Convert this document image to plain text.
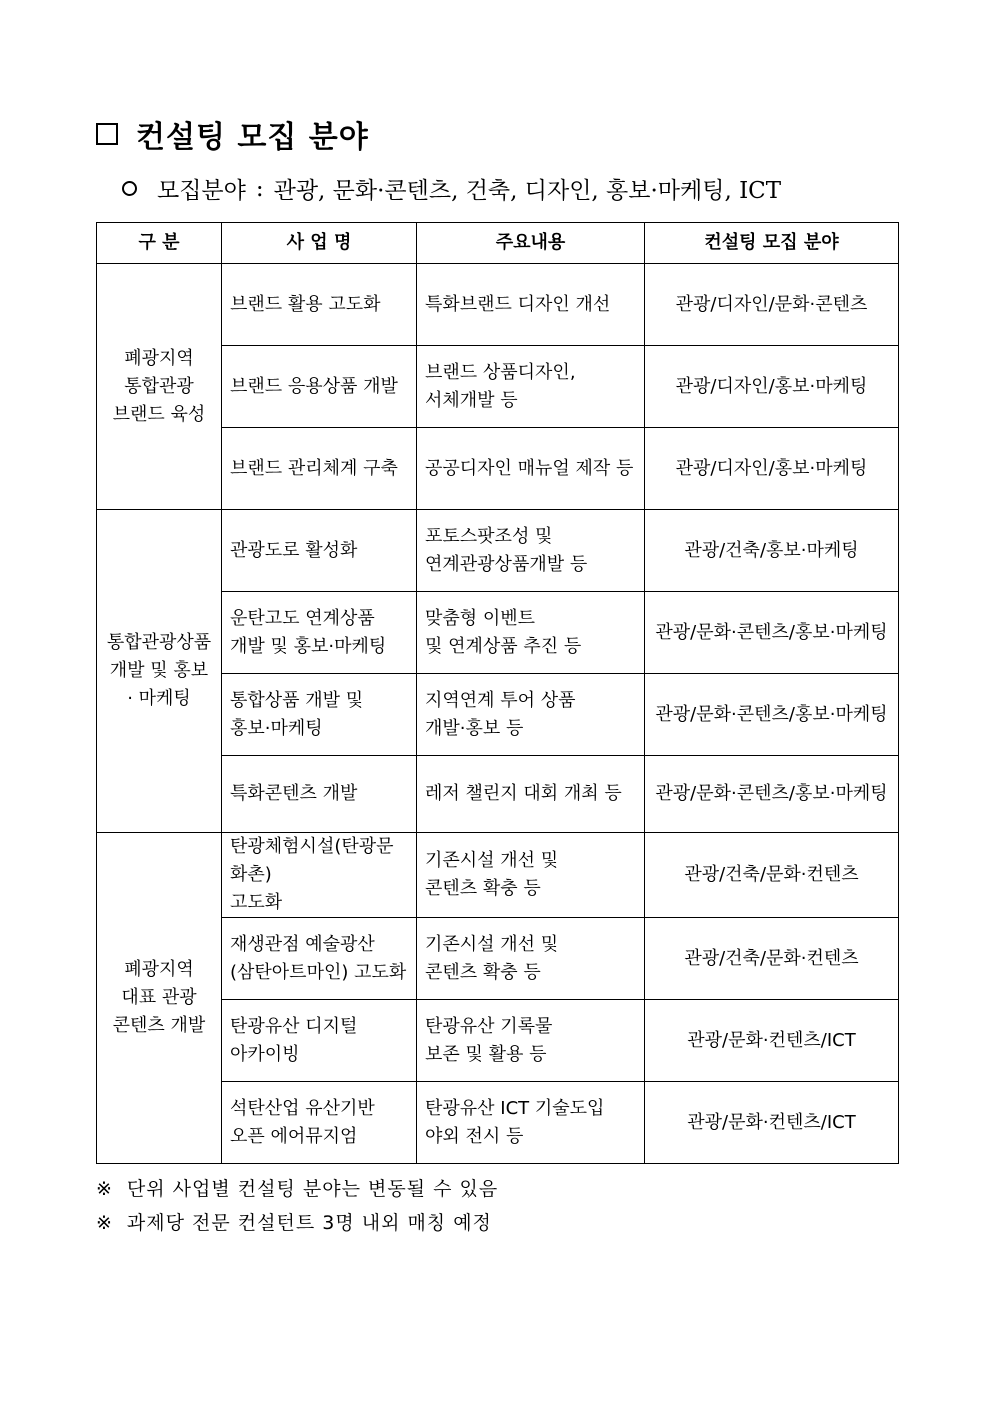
컨설팅 모집 분야
모집분야 : 관광, 문화·콘텐츠, 건축, 디자인, 홍보·마케팅, ICT
구 분	사 업 명	주요내용	컨설팅 모집 분야

폐광지역
통합관광
브랜드 육성	브랜드 활용 고도화	특화브랜드 디자인 개선	관광/디자인/문화·콘텐츠

	브랜드 응용상품 개발	브랜드 상품디자인,
서체개발 등	관광/디자인/홍보·마케팅

	브랜드 관리체계 구축	공공디자인 매뉴얼 제작 등	관광/디자인/홍보·마케팅

통합관광상품
개발 및 홍보
· 마케팅	관광도로 활성화	포토스팟조성 및
연계관광상품개발 등	관광/건축/홍보·마케팅

	운탄고도 연계상품
개발 및 홍보·마케팅	맞춤형 이벤트
및 연계상품 추진 등	관광/문화·콘텐츠/홍보·마케팅

	통합상품 개발 및
홍보·마케팅	지역연계 투어 상품
개발·홍보 등	관광/문화·콘텐츠/홍보·마케팅

	특화콘텐츠 개발	레저 챌린지 대회 개최 등	관광/문화·콘텐츠/홍보·마케팅

폐광지역
대표 관광
콘텐츠 개발	탄광체험시설(탄광문화촌)
고도화	기존시설 개선 및
콘텐츠 확충 등	관광/건축/문화·컨텐츠

	재생관점 예술광산
(삼탄아트마인) 고도화	기존시설 개선 및
콘텐츠 확충 등	관광/건축/문화·컨텐츠

	탄광유산 디지털
아카이빙	탄광유산 기록물
보존 및 활용 등	관광/문화·컨텐츠/ICT

	석탄산업 유산기반
오픈 에어뮤지엄	탄광유산 ICT 기술도입
야외 전시 등	관광/문화·컨텐츠/ICT
※ 단위 사업별 컨설팅 분야는 변동될 수 있음
※ 과제당 전문 컨설턴트 3명 내외 매칭 예정
